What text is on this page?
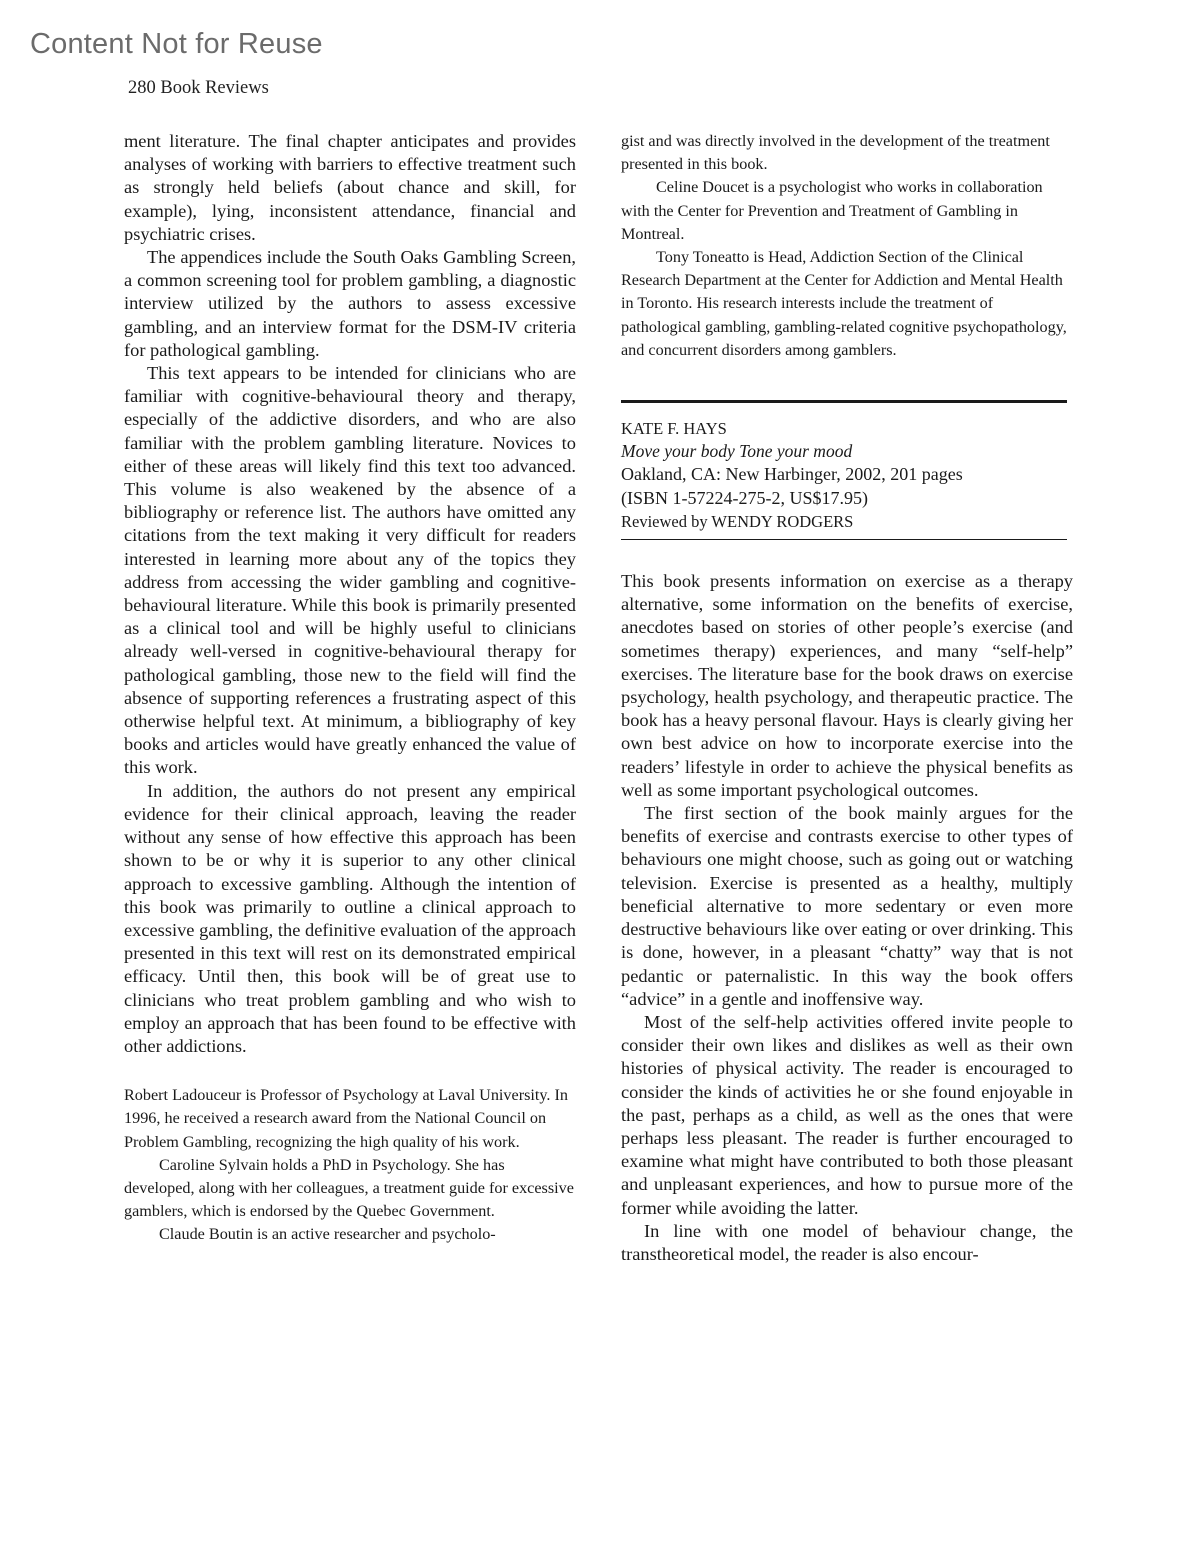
Content Not for Reuse
280 Book Reviews

ment literature. The final chapter anticipates and provides analyses of working with barriers to effective treatment such as strongly held beliefs (about chance and skill, for example), lying, inconsistent attendance, financial and psychiatric crises.

The appendices include the South Oaks Gambling Screen, a common screening tool for problem gambling, a diagnostic interview utilized by the authors to assess excessive gambling, and an interview format for the DSM-IV criteria for pathological gambling.

This text appears to be intended for clinicians who are familiar with cognitive-behavioural theory and therapy, especially of the addictive disorders, and who are also familiar with the problem gambling literature. Novices to either of these areas will likely find this text too advanced. This volume is also weakened by the absence of a bibliography or reference list. The authors have omitted any citations from the text making it very difficult for readers interested in learning more about any of the topics they address from accessing the wider gambling and cognitive-behavioural literature. While this book is primarily presented as a clinical tool and will be highly useful to clinicians already well-versed in cognitive-behavioural therapy for pathological gambling, those new to the field will find the absence of supporting references a frustrating aspect of this otherwise helpful text. At minimum, a bibliography of key books and articles would have greatly enhanced the value of this work.

In addition, the authors do not present any empirical evidence for their clinical approach, leaving the reader without any sense of how effective this approach has been shown to be or why it is superior to any other clinical approach to excessive gambling. Although the intention of this book was primarily to outline a clinical approach to excessive gambling, the definitive evaluation of the approach presented in this text will rest on its demonstrated empirical efficacy. Until then, this book will be of great use to clinicians who treat problem gambling and who wish to employ an approach that has been found to be effective with other addictions.

Robert Ladouceur is Professor of Psychology at Laval University. In 1996, he received a research award from the National Council on Problem Gambling, recognizing the high quality of his work.

Caroline Sylvain holds a PhD in Psychology. She has developed, along with her colleagues, a treatment guide for excessive gamblers, which is endorsed by the Quebec Government.

Claude Boutin is an active researcher and psycholo-

gist and was directly involved in the development of the treatment presented in this book.

Celine Doucet is a psychologist who works in collaboration with the Center for Prevention and Treatment of Gambling in Montreal.

Tony Toneatto is Head, Addiction Section of the Clinical Research Department at the Center for Addiction and Mental Health in Toronto. His research interests include the treatment of pathological gambling, gambling-related cognitive psychopathology, and concurrent disorders among gamblers.

KATE F. HAYS
Move your body Tone your mood
Oakland, CA: New Harbinger, 2002, 201 pages
(ISBN 1-57224-275-2, US$17.95)
Reviewed by WENDY RODGERS

This book presents information on exercise as a therapy alternative, some information on the benefits of exercise, anecdotes based on stories of other people’s exercise (and sometimes therapy) experiences, and many “self-help” exercises. The literature base for the book draws on exercise psychology, health psychology, and therapeutic practice. The book has a heavy personal flavour. Hays is clearly giving her own best advice on how to incorporate exercise into the readers’ lifestyle in order to achieve the physical benefits as well as some important psychological outcomes.

The first section of the book mainly argues for the benefits of exercise and contrasts exercise to other types of behaviours one might choose, such as going out or watching television. Exercise is presented as a healthy, multiply beneficial alternative to more sedentary or even more destructive behaviours like over eating or over drinking. This is done, however, in a pleasant “chatty” way that is not pedantic or paternalistic. In this way the book offers “advice” in a gentle and inoffensive way.

Most of the self-help activities offered invite people to consider their own likes and dislikes as well as their own histories of physical activity. The reader is encouraged to consider the kinds of activities he or she found enjoyable in the past, perhaps as a child, as well as the ones that were perhaps less pleasant. The reader is further encouraged to examine what might have contributed to both those pleasant and unpleasant experiences, and how to pursue more of the former while avoiding the latter.

In line with one model of behaviour change, the transtheoretical model, the reader is also encour-
